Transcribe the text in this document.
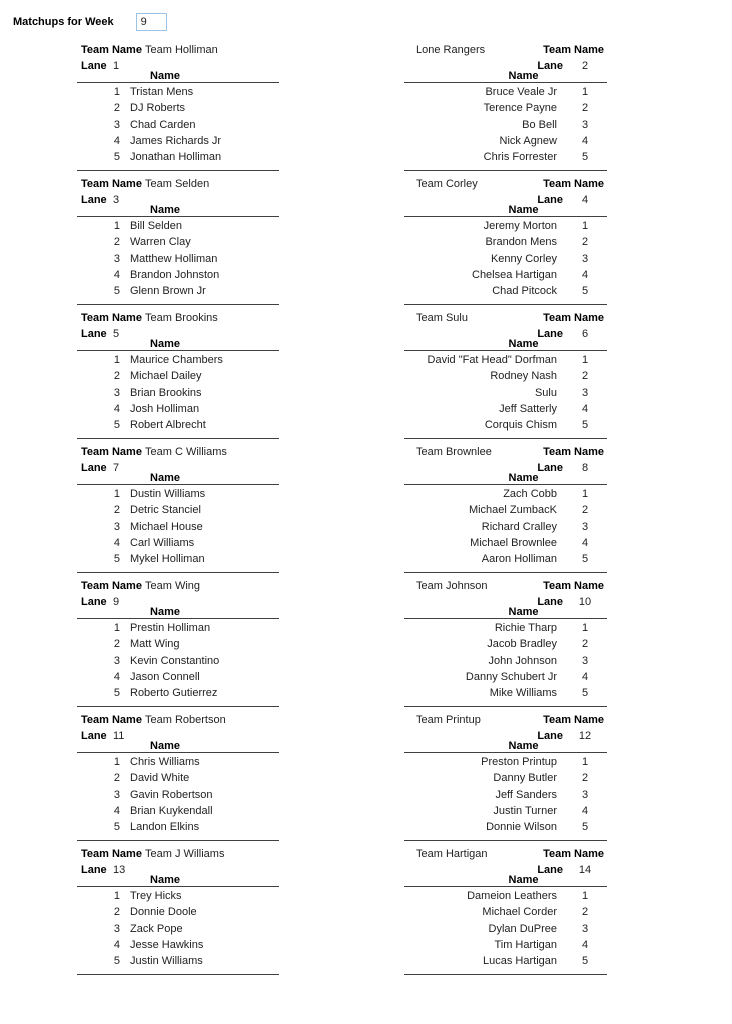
Matchups for Week
9
Team Name Team Holliman
Lane 1
Name
1 Tristan Mens
2 DJ Roberts
3 Chad Carden
4 James Richards Jr
5 Jonathan Holliman
Lone Rangers	Team Name
Lane	2
Name
Bruce Veale Jr	1
Terence Payne	2
Bo Bell	3
Nick Agnew	4
Chris Forrester	5
Team Name Team Selden
Lane 3
Name
1 Bill Selden
2 Warren Clay
3 Matthew Holliman
4 Brandon Johnston
5 Glenn Brown Jr
Team Corley	Team Name
Lane	4
Name
Jeremy Morton	1
Brandon Mens	2
Kenny Corley	3
Chelsea Hartigan	4
Chad Pitcock	5
Team Name Team Brookins
Lane 5
Name
1 Maurice Chambers
2 Michael Dailey
3 Brian Brookins
4 Josh Holliman
5 Robert Albrecht
Team Sulu	Team Name
Lane	6
Name
David "Fat Head" Dorfman	1
Rodney Nash	2
Sulu	3
Jeff Satterly	4
Corquis Chism	5
Team Name Team C Williams
Lane 7
Name
1 Dustin Williams
2 Detric Stanciel
3 Michael House
4 Carl Williams
5 Mykel Holliman
Team Brownlee	Team Name
Lane	8
Name
Zach Cobb	1
Michael ZumbacK	2
Richard Cralley	3
Michael Brownlee	4
Aaron Holliman	5
Team Name Team Wing
Lane 9
Name
1 Prestin Holliman
2 Matt Wing
3 Kevin Constantino
4 Jason Connell
5 Roberto Gutierrez
Team Johnson	Team Name
Lane	10
Name
Richie Tharp	1
Jacob Bradley	2
John Johnson	3
Danny Schubert Jr	4
Mike Williams	5
Team Name Team Robertson
Lane 11
Name
1 Chris Williams
2 David White
3 Gavin Robertson
4 Brian Kuykendall
5 Landon Elkins
Team Printup	Team Name
Lane	12
Name
Preston Printup	1
Danny Butler	2
Jeff Sanders	3
Justin Turner	4
Donnie Wilson	5
Team Name Team J Williams
Lane 13
Name
1 Trey Hicks
2 Donnie Doole
3 Zack Pope
4 Jesse Hawkins
5 Justin Williams
Team Hartigan	Team Name
Lane	14
Name
Dameion Leathers	1
Michael Corder	2
Dylan DuPree	3
Tim Hartigan	4
Lucas Hartigan	5
